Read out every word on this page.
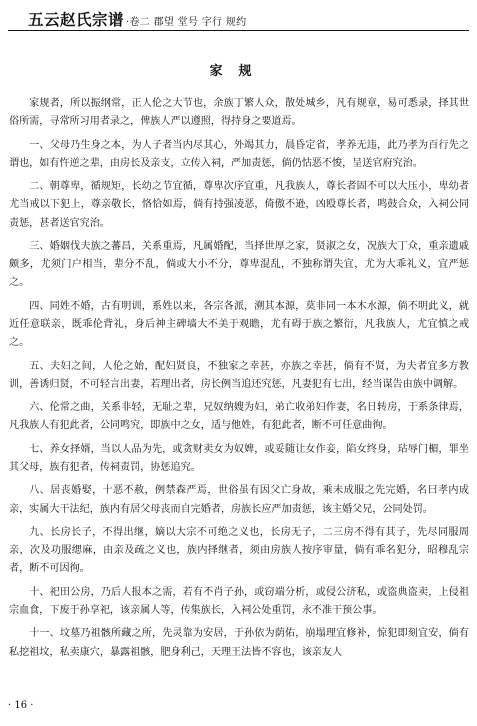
五云赵氏宗谱 ·卷二 郡望 堂号 字行 规约
家规

家规者，所以振纲常，正人伦之大节也，余族丁繁人众，散处城乡，凡有规章，易可悉录，择其世俗所需，寻常所习用者录之，俾族人严以遵照，得持身之要道焉。

一、父母乃生身之本，为人子者当内尽其心，外竭其力，晨昏定省，孝养无违，此乃孝为百行先之谓也，如有忤逆之辈，由房长及亲支，立传入祠，严加责惩，倘仍怙恶不悛，呈送官府究治。

二、朝尊卑，循规矩，长幼之节宜循，尊卑次序宜重，凡我族人，尊长者固不可以大压小，卑幼者尤当戒以下犯上，尊亲敬长，恪恰如焉，倘有持强凌恶，倚傲不逊，凶殴尊长者，鸣鼓合众，入祠公同责惩，甚者送官究治。

三、婚姻伐夫族之蕃昌，关系重焉，凡属婚配，当择世厚之家，贤淑之女，况族大丁众，重亲遗戚颇多，尤须门户相当，辈分不乱，倘或大小不分，尊卑混乱，不独称谓失宜，尤为大乖礼义，宜严惩之。

四、同姓不婚，古有明训，系姓以来，各宗各派，溯其本源，莫非同一本木水源，倘不明此义，就近任意联亲，既乖伦背礼，身后神主碑墙大不美于观瞻，尤有碍于族之繁衍，凡我族人，尤宜慎之戒之。

五、夫妇之间，人伦之始，配妇贤良，不独家之幸甚，亦族之幸甚，倘有不贤，为夫者宜多方教训，善诱归贤，不可轻言出妻，若理出者，房长例当追还究惩，凡妻犯有七出，经当谋告由族中调解。

六、伦常之曲，关系非轻，无耻之辈，兄奴纳嫂为妇，弟亡收弟妇作妻，名日转房，于系条律焉，凡我族人有犯此者，公同鸣究，即族中之女，适与他姓，有犯此者，断不可任意曲徇。

七、养女择婿，当以人品为先，或贪财卖女为奴婢，或妥随让女作妾，陷女终身，玷辱门楣，罪坐其父母，族有犯者，传祠责罚，协惩追究。

八、居丧婚娶，十恶不赦，例禁森严焉，世俗虽有因父亡身故，乘未成服之先完婚，名曰孝内成亲，实属大干法纪，族内有居父母丧而自完婚者，房族长应严加责惩，该主婚父兄，公同处罚。

九、长房长子，不得出继，嫡以大宗不可绝之义也，长房无子，二三房不得有其子，先尽同服周亲，次及功服缌麻，由亲及疏之义也，族内择继者，须由房族人按序审量，倘有乖名犯分，昭穆乱宗者，断不可因徇。

十、祀田公房，乃后人报本之需，若有不肖子孙，或窃端分析，或侵公济私，或盗典盗卖，上侵祖宗血食，下废于孙享祀，该亲属人等，传集族长，入祠公处重罚，永不准干预公事。

十一、坟墓乃祖骸所藏之所，先灵靠为安居，于孙依为荫佑，崩塌理宜修补，惊犯即刻宜安，倘有私挖祖坟，私卖康穴，暴露祖骸，肥身利己，天理王法皆不容也，该亲友人

· 16 ·
